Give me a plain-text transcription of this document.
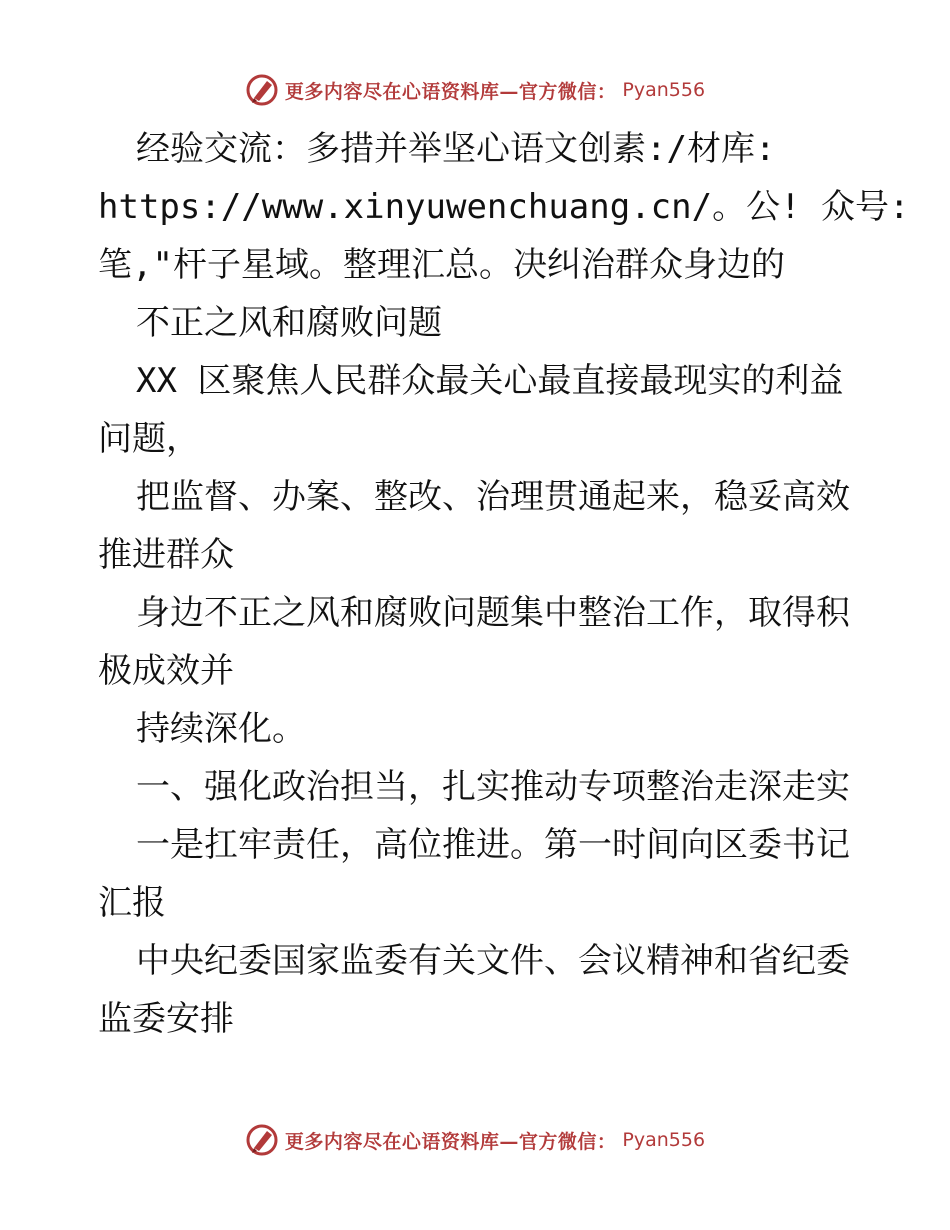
更多内容尽在心语资料库—官方微信： Pyan556
经验交流：多措并举坚心语文创素:/材库:
https://www.xinyuwenchuang.cn/。公! 众号:
笔,"杆子星域。整理汇总。决纠治群众身边的
不正之风和腐败问题
XX 区聚焦人民群众最关心最直接最现实的利益
问题，
把监督、办案、整改、治理贯通起来，稳妥高效
推进群众
身边不正之风和腐败问题集中整治工作，取得积
极成效并
持续深化。
一、强化政治担当，扎实推动专项整治走深走实
一是扛牢责任，高位推进。第一时间向区委书记
汇报
中央纪委国家监委有关文件、会议精神和省纪委
监委安排
更多内容尽在心语资料库—官方微信： Pyan556
